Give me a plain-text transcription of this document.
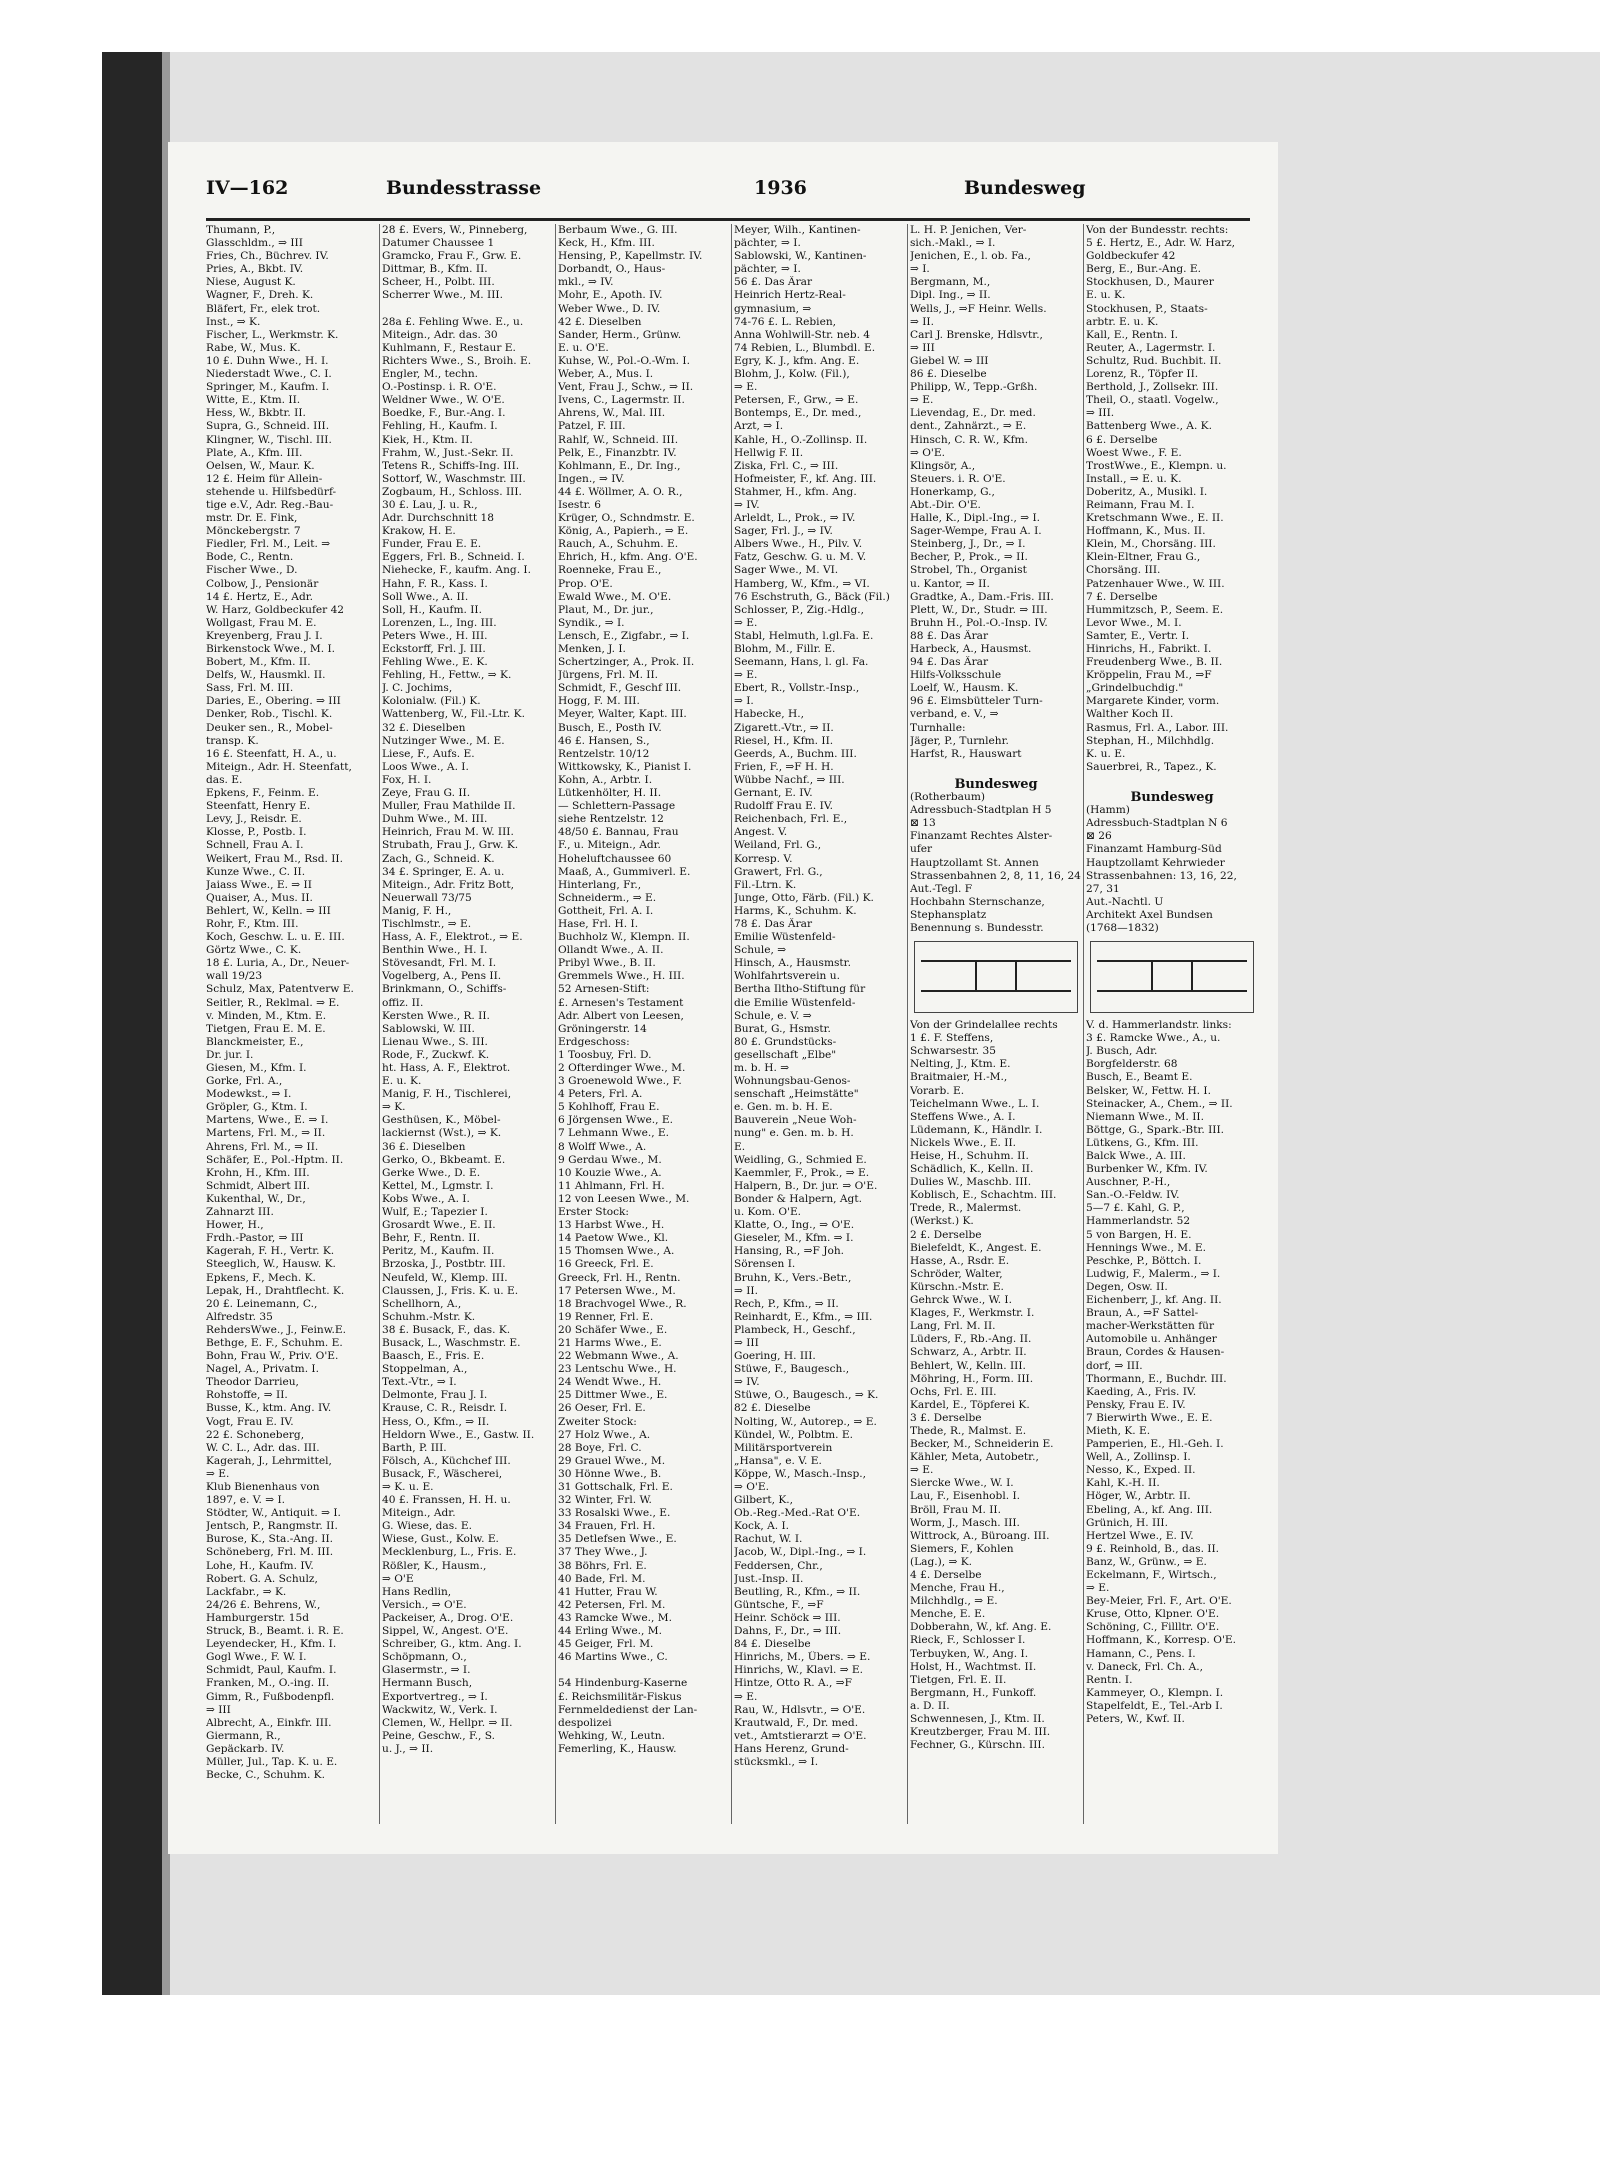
IV—162	Bundesstrasse	1936	Bundesweg
Thumann, P.,
Glasschldm., ⇒ III
Fries, Ch., Büchrev. IV.
Pries, A., Bkbt. IV.
Niese, August K.
Wagner, F., Dreh. K.
Bläfert, Fr., elek trot.
Inst., ⇒ K.
Fischer, L., Werkmstr. K.
Rabe, W., Mus. K.
10 £. Duhn Wwe., H. I.
Niederstadt Wwe., C. I.
Springer, M., Kaufm. I.
Witte, E., Ktm. II.
Hess, W., Bkbtr. II.
Supra, G., Schneid. III.
Klingner, W., Tischl. III.
Plate, A., Kfm. III.
Oelsen, W., Maur. K.
12 £. Heim für Allein-
stehende u. Hilfsbedürf-
tige e.V., Adr. Reg.-Bau-
mstr. Dr. E. Fink,
Mönckebergstr. 7
Fiedler, Frl. M., Leit. ⇒
Bode, C., Rentn.
Fischer Wwe., D.
Colbow, J., Pensionär
14 £. Hertz, E., Adr.
W. Harz, Goldbeckufer 42
Wollgast, Frau M. E.
Kreyenberg, Frau J. I.
Birkenstock Wwe., M. I.
Bobert, M., Kfm. II.
Delfs, W., Hausmkl. II.
Sass, Frl. M. III.
Daries, E., Obering. ⇒ III
Denker, Rob., Tischl. K.
Deuker sen., R., Mobel-
transp. K.
16 £. Steenfatt, H. A., u.
Miteign., Adr. H. Steenfatt,
das. E.
Epkens, F., Feinm. E.
Steenfatt, Henry E.
Levy, J., Reisdr. E.
Klosse, P., Postb. I.
Schnell, Frau A. I.
Weikert, Frau M., Rsd. II.
Kunze Wwe., C. II.
Jaiass Wwe., E. ⇒ II
Quaiser, A., Mus. II.
Behlert, W., Kelln. ⇒ III
Rohr, F., Ktm. III.
Koch, Geschw. L. u. E. III.
Görtz Wwe., C. K.
18 £. Luria, A., Dr., Neuer-
wall 19/23
Schulz, Max, Patentverw E.
Seitler, R., Reklmal. ⇒ E.
v. Minden, M., Ktm. E.
Tietgen, Frau E. M. E.
Blanckmeister, E.,
Dr. jur. I.
Giesen, M., Kfm. I.
Gorke, Frl. A.,
Modewkst., ⇒ I.
Gröpler, G., Ktm. I.
Martens, Wwe., E. ⇒ I.
Martens, Frl. M., ⇒ II.
Ahrens, Frl. M., ⇒ II.
Schäfer, E., Pol.-Hptm. II.
Krohn, H., Kfm. III.
Schmidt, Albert III.
Kukenthal, W., Dr.,
Zahnarzt III.
Hower, H.,
Frdh.-Pastor, ⇒ III
Kagerah, F. H., Vertr. K.
Steeglich, W., Hausw. K.
Epkens, F., Mech. K.
Lepak, H., Drahtflecht. K.
20 £. Leinemann, C.,
Alfredstr. 35
RehdersWwe., J., Feinw.E.
Bethge, E. F., Schuhm. E.
Bohn, Frau W., Priv. O'E.
Nagel, A., Privatm. I.
Theodor Darrieu,
Rohstoffe, ⇒ II.
Busse, K., ktm. Ang. IV.
Vogt, Frau E. IV.
22 £. Schoneberg,
W. C. L., Adr. das. III.
Kagerah, J., Lehrmittel,
⇒ E.
Klub Bienenhaus von
1897, e. V. ⇒ I.
Stödter, W., Antiquit. ⇒ I.
Jentsch, P., Rangmstr. II.
Burose, K., Sta.-Ang. II.
Schöneberg, Frl. M. III.
Lohe, H., Kaufm. IV.
Robert. G. A. Schulz,
Lackfabr., ⇒ K.
24/26 £. Behrens, W.,
Hamburgerstr. 15d
Struck, B., Beamt. i. R. E.
Leyendecker, H., Kfm. I.
Gogl Wwe., F. W. I.
Schmidt, Paul, Kaufm. I.
Franken, M., O.-ing. II.
Gimm, R., Fußbodenpfl.
⇒ III
Albrecht, A., Einkfr. III.
Giermann, R.,
Gepäckarb. IV.
Müller, Jul., Tap. K. u. E.
Becke, C., Schuhm. K.
28 £. Evers, W., Pinneberg,
Datumer Chaussee 1
Gramcko, Frau F., Grw. E.
Dittmar, B., Kfm. II.
Scheer, H., Polbt. III.
Scherrer Wwe., M. III.

28a £. Fehling Wwe. E., u.
Miteign., Adr. das. 30
Kuhlmann, F., Restaur E.
Richters Wwe., S., Broih. E.
Engler, M., techn.
O.-Postinsp. i. R. O'E.
Weldner Wwe., W. O'E.
Boedke, F., Bur.-Ang. I.
Fehling, H., Kaufm. I.
Kiek, H., Ktm. II.
Frahm, W., Just.-Sekr. II.
Tetens R., Schiffs-Ing. III.
Sottorf, W., Waschmstr. III.
Zogbaum, H., Schloss. III.
30 £. Lau, J. u. R.,
Adr. Durchschnitt 18
Krakow, H. E.
Funder, Frau E. E.
Eggers, Frl. B., Schneid. I.
Niehecke, F., kaufm. Ang. I.
Hahn, F. R., Kass. I.
Soll Wwe., A. II.
Soll, H., Kaufm. II.
Lorenzen, L., Ing. III.
Peters Wwe., H. III.
Eckstorff, Frl. J. III.
Fehling Wwe., E. K.
Fehling, H., Fettw., ⇒ K.
J. C. Jochims,
Kolonialw. (Fil.) K.
Wattenberg, W., Fil.-Ltr. K.
32 £. Dieselben
Nutzinger Wwe., M. E.
Liese, F., Aufs. E.
Loos Wwe., A. I.
Fox, H. I.
Zeye, Frau G. II.
Muller, Frau Mathilde II.
Duhm Wwe., M. III.
Heinrich, Frau M. W. III.
Strubath, Frau J., Grw. K.
Zach, G., Schneid. K.
34 £. Springer, E. A. u.
Miteign., Adr. Fritz Bott,
Neuerwall 73/75
Manig, F. H.,
Tischlmstr., ⇒ E.
Hass, A. F., Elektrot., ⇒ E.
Benthin Wwe., H. I.
Stövesandt, Frl. M. I.
Vogelberg, A., Pens II.
Brinkmann, O., Schiffs-
offiz. II.
Kersten Wwe., R. II.
Sablowski, W. III.
Lienau Wwe., S. III.
Rode, F., Zuckwf. K.
ht. Hass, A. F., Elektrot.
E. u. K.
Manig, F. H., Tischlerei,
⇒ K.
Gesthüsen, K., Möbel-
lackiernst (Wst.), ⇒ K.
36 £. Dieselben
Gerko, O., Bkbeamt. E.
Gerke Wwe., D. E.
Kettel, M., Lgmstr. I.
Kobs Wwe., A. I.
Wulf, E.; Tapezier I.
Grosardt Wwe., E. II.
Behr, F., Rentn. II.
Peritz, M., Kaufm. II.
Brzoska, J., Postbtr. III.
Neufeld, W., Klemp. III.
Claussen, J., Fris. K. u. E.
Schellhorn, A.,
Schuhm.-Mstr. K.
38 £. Busack, F., das. K.
Busack, L., Waschmstr. E.
Baasch, E., Fris. E.
Stoppelman, A.,
Text.-Vtr., ⇒ I.
Delmonte, Frau J. I.
Krause, C. R., Reisdr. I.
Hess, O., Kfm., ⇒ II.
Heldorn Wwe., E., Gastw. II.
Barth, P. III.
Fölsch, A., Küchchef III.
Busack, F., Wäscherei,
⇒ K. u. E.
40 £. Franssen, H. H. u.
Miteign., Adr.
G. Wiese, das. E.
Wiese, Gust., Kolw. E.
Mecklenburg, L., Fris. E.
Rößler, K., Hausm.,
⇒ O'E
Hans Redlin,
Versich., ⇒ O'E.
Packeiser, A., Drog. O'E.
Sippel, W., Angest. O'E.
Schreiber, G., ktm. Ang. I.
Schöpmann, O.,
Glasermstr., ⇒ I.
Hermann Busch,
Exportvertreg., ⇒ I.
Wackwitz, W., Verk. I.
Clemen, W., Hellpr. ⇒ II.
Peine, Geschw., F., S.
u. J., ⇒ II.
Berbaum Wwe., G. III.
Keck, H., Kfm. III.
Hensing, P., Kapellmstr. IV.
Dorbandt, O., Haus-
mkl., ⇒ IV.
Mohr, E., Apoth. IV.
Weber Wwe., D. IV.
42 £. Dieselben
Sander, Herm., Grünw.
E. u. O'E.
Kuhse, W., Pol.-O.-Wm. I.
Weber, A., Mus. I.
Vent, Frau J., Schw., ⇒ II.
Ivens, C., Lagermstr. II.
Ahrens, W., Mal. III.
Patzel, F. III.
Rahlf, W., Schneid. III.
Pelk, E., Finanzbtr. IV.
Kohlmann, E., Dr. Ing.,
Ingen., ⇒ IV.
44 £. Wöllmer, A. O. R.,
Isestr. 6
Krüger, O., Schndmstr. E.
König, A., Papierh., ⇒ E.
Rauch, A., Schuhm. E.
Ehrich, H., kfm. Ang. O'E.
Roenneke, Frau E.,
Prop. O'E.
Ewald Wwe., M. O'E.
Plaut, M., Dr. jur.,
Syndik., ⇒ I.
Lensch, E., Zigfabr., ⇒ I.
Menken, J. I.
Schertzinger, A., Prok. II.
Jürgens, Frl. M. II.
Schmidt, F., Geschf III.
Hogg, F. M. III.
Meyer, Walter, Kapt. III.
Busch, E., Posth IV.
46 £. Hansen, S.,
Rentzelstr. 10/12
Wittkowsky, K., Pianist I.
Kohn, A., Arbtr. I.
Lütkenhölter, H. II.
— Schlettern-Passage
siehe Rentzelstr. 12
48/50 £. Bannau, Frau
F., u. Miteign., Adr.
Hoheluftchaussee 60
Maaß, A., Gummiverl. E.
Hinterlang, Fr.,
Schneiderm., ⇒ E.
Gottheit, Frl. A. I.
Hase, Frl. H. I.
Buchholz W., Klempn. II.
Ollandt Wwe., A. II.
Pribyl Wwe., B. II.
Gremmels Wwe., H. III.
52 Arnesen-Stift:
£. Arnesen's Testament
Adr. Albert von Leesen,
Gröningerstr. 14
Erdgeschoss:
1 Toosbuy, Frl. D.
2 Ofterdinger Wwe., M.
3 Groenewold Wwe., F.
4 Peters, Frl. A.
5 Kohlhoff, Frau E.
6 Jörgensen Wwe., E.
7 Lehmann Wwe., E.
8 Wolff Wwe., A.
9 Gerdau Wwe., M.
10 Kouzie Wwe., A.
11 Ahlmann, Frl. H.
12 von Leesen Wwe., M.
Erster Stock:
13 Harbst Wwe., H.
14 Paetow Wwe., Kl.
15 Thomsen Wwe., A.
16 Greeck, Frl. E.
Greeck, Frl. H., Rentn.
17 Petersen Wwe., M.
18 Brachvogel Wwe., R.
19 Renner, Frl. E.
20 Schäfer Wwe., E.
21 Harms Wwe., E.
22 Webmann Wwe., A.
23 Lentschu Wwe., H.
24 Wendt Wwe., H.
25 Dittmer Wwe., E.
26 Oeser, Frl. E.
Zweiter Stock:
27 Holz Wwe., A.
28 Boye, Frl. C.
29 Grauel Wwe., M.
30 Hönne Wwe., B.
31 Gottschalk, Frl. E.
32 Winter, Frl. W.
33 Rosalski Wwe., E.
34 Frauen, Frl. H.
35 Detlefsen Wwe., E.
37 They Wwe., J.
38 Böhrs, Frl. E.
40 Bade, Frl. M.
41 Hutter, Frau W.
42 Petersen, Frl. M.
43 Ramcke Wwe., M.
44 Erling Wwe., M.
45 Geiger, Frl. M.
46 Martins Wwe., C.

54 Hindenburg-Kaserne
£. Reichsmilitär-Fiskus
Fernmeldedienst der Lan-
despolizei
Wehking, W., Leutn.
Femerling, K., Hausw.
Meyer, Wilh., Kantinen-
pächter, ⇒ I.
Sablowski, W., Kantinen-
pächter, ⇒ I.
56 £. Das Ärar
Heinrich Hertz-Real-
gymnasium, ⇒
74-76 £. L. Rebien,
Anna Wohlwill-Str. neb. 4
74 Rebien, L., Blumbdl. E.
Egry, K. J., kfm. Ang. E.
Blohm, J., Kolw. (Fil.),
⇒ E.
Petersen, F., Grw., ⇒ E.
Bontemps, E., Dr. med.,
Arzt, ⇒ I.
Kahle, H., O.-Zollinsp. II.
Hellwig F. II.
Ziska, Frl. C., ⇒ III.
Hofmeister, F., kf. Ang. III.
Stahmer, H., kfm. Ang.
⇒ IV.
Arleldt, L., Prok., ⇒ IV.
Sager, Frl. J., ⇒ IV.
Albers Wwe., H., Pilv. V.
Fatz, Geschw. G. u. M. V.
Sager Wwe., M. VI.
Hamberg, W., Kfm., ⇒ VI.
76 Eschstruth, G., Bäck (Fil.)
Schlosser, P., Zig.-Hdlg.,
⇒ E.
Stabl, Helmuth, l.gl.Fa. E.
Blohm, M., Fillr. E.
Seemann, Hans, l. gl. Fa.
⇒ E.
Ebert, R., Vollstr.-Insp.,
⇒ I.
Habecke, H.,
Zigarett.-Vtr., ⇒ II.
Riesel, H., Kfm. II.
Geerds, A., Buchm. III.
Frien, F., ⇒F H. H.
Wübbe Nachf., ⇒ III.
Gernant, E. IV.
Rudolff Frau E. IV.
Reichenbach, Frl. E.,
Angest. V.
Weiland, Frl. G.,
Korresp. V.
Grawert, Frl. G.,
Fil.-Ltrn. K.
Junge, Otto, Färb. (Fil.) K.
Harms, K., Schuhm. K.
78 £. Das Ärar
Emilie Wüstenfeld-
Schule, ⇒
Hinsch, A., Hausmstr.
Wohlfahrtsverein u.
Bertha Iltho-Stiftung für
die Emilie Wüstenfeld-
Schule, e. V. ⇒
Burat, G., Hsmstr.
80 £. Grundstücks-
gesellschaft „Elbe"
m. b. H. ⇒
Wohnungsbau-Genos-
senschaft „Heimstätte"
e. Gen. m. b. H. E.
Bauverein „Neue Woh-
nung" e. Gen. m. b. H.
E.
Weidling, G., Schmied E.
Kaemmler, F., Prok., ⇒ E.
Halpern, B., Dr. jur. ⇒ O'E.
Bonder & Halpern, Agt.
u. Kom. O'E.
Klatte, O., Ing., ⇒ O'E.
Gieseler, M., Kfm. ⇒ I.
Hansing, R., ⇒F Joh.
Sörensen I.
Bruhn, K., Vers.-Betr.,
⇒ II.
Rech, P., Kfm., ⇒ II.
Reinhardt, E., Kfm., ⇒ III.
Plambeck, H., Geschf.,
⇒ III
Goering, H. III.
Stüwe, F., Baugesch.,
⇒ IV.
Stüwe, O., Baugesch., ⇒ K.
82 £. Dieselbe
Nolting, W., Autorep., ⇒ E.
Kündel, W., Polbtm. E.
Militärsportverein
„Hansa", e. V. E.
Köppe, W., Masch.-Insp.,
⇒ O'E.
Gilbert, K.,
Ob.-Reg.-Med.-Rat O'E.
Kock, A. I.
Rachut, W. I.
Jacob, W., Dipl.-Ing., ⇒ I.
Feddersen, Chr.,
Just.-Insp. II.
Beutling, R., Kfm., ⇒ II.
Güntsche, F., ⇒F
Heinr. Schöck ⇒ III.
Dahns, F., Dr., ⇒ III.
84 £. Dieselbe
Hinrichs, M., Übers. ⇒ E.
Hinrichs, W., Klavl. ⇒ E.
Hintze, Otto R. A., ⇒F
⇒ E.
Rau, W., Hdlsvtr., ⇒ O'E.
Krautwald, F., Dr. med.
vet., Amtstierarzt ⇒ O'E.
Hans Herenz, Grund-
stücksmkl., ⇒ I.
L. H. P. Jenichen, Ver-
sich.-Makl., ⇒ I.
Jenichen, E., l. ob. Fa.,
⇒ I.
Bergmann, M.,
Dipl. Ing., ⇒ II.
Wells, J., ⇒F Heinr. Wells.
⇒ II.
Carl J. Brenske, Hdlsvtr.,
⇒ III
Giebel W. ⇒ III
86 £. Dieselbe
Philipp, W., Tepp.-Grßh.
⇒ E.
Lievendag, E., Dr. med.
dent., Zahnärzt., ⇒ E.
Hinsch, C. R. W., Kfm.
⇒ O'E.
Klingsör, A.,
Steuers. i. R. O'E.
Honerkamp, G.,
Abt.-Dir. O'E.
Halle, K., Dipl.-Ing., ⇒ I.
Sager-Wempe, Frau A. I.
Steinberg, J., Dr., ⇒ I.
Becher, P., Prok., ⇒ II.
Strobel, Th., Organist
u. Kantor, ⇒ II.
Gradtke, A., Dam.-Fris. III.
Plett, W., Dr., Studr. ⇒ III.
Bruhn H., Pol.-O.-Insp. IV.
88 £. Das Ärar
Harbeck, A., Hausmst.
94 £. Das Ärar
Hilfs-Volksschule
Loelf, W., Hausm. K.
96 £. Eimsbütteler Turn-
verband, e. V., ⇒
Turnhalle:
Jäger, P., Turnlehr.
Harfst, R., Hauswart

Bundesweg
(Rotherbaum)
Adressbuch-Stadtplan H 5
⊠ 13
Finanzamt Rechtes Alster-
ufer
Hauptzollamt St. Annen
Strassenbahnen 2, 8, 11, 16, 24
Aut.-Tegl. F
Hochbahn Sternschanze,
Stephansplatz
Benennung s. Bundesstr.
Von der Grindelallee rechts
1 £. F. Steffens,
Schwarsestr. 35
Nelting, J., Ktm. E.
Braitmaier, H.-M.,
Vorarb. E.
Teichelmann Wwe., L. I.
Steffens Wwe., A. I.
Lüdemann, K., Händlr. I.
Nickels Wwe., E. II.
Heise, H., Schuhm. II.
Schädlich, K., Kelln. II.
Dulies W., Maschb. III.
Koblisch, E., Schachtm. III.
Trede, R., Malermst.
(Werkst.) K.
2 £. Derselbe
Bielefeldt, K., Angest. E.
Hasse, A., Rsdr. E.
Schröder, Walter,
Kürschn.-Mstr. E.
Gehrck Wwe., W. I.
Klages, F., Werkmstr. I.
Lang, Frl. M. II.
Lüders, F., Rb.-Ang. II.
Schwarz, A., Arbtr. II.
Behlert, W., Kelln. III.
Möhring, H., Form. III.
Ochs, Frl. E. III.
Kardel, E., Töpferei K.
3 £. Derselbe
Thede, R., Malmst. E.
Becker, M., Schneiderin E.
Kähler, Meta, Autobetr.,
⇒ E.
Siercke Wwe., W. I.
Lau, F., Eisenhobl. I.
Bröll, Frau M. II.
Worm, J., Masch. III.
Wittrock, A., Büroang. III.
Siemers, F., Kohlen
(Lag.), ⇒ K.
4 £. Derselbe
Menche, Frau H.,
Milchhdlg., ⇒ E.
Menche, E. E.
Dobberahn, W., kf. Ang. E.
Rieck, F., Schlosser I.
Terbuyken, W., Ang. I.
Holst, H., Wachtmst. II.
Tietgen, Frl. E. II.
Bergmann, H., Funkoff.
a. D. II.
Schwennesen, J., Ktm. II.
Kreutzberger, Frau M. III.
Fechner, G., Kürschn. III.
Von der Bundesstr. rechts:
5 £. Hertz, E., Adr. W. Harz,
Goldbeckufer 42
Berg, E., Bur.-Ang. E.
Stockhusen, D., Maurer
E. u. K.
Stockhusen, P., Staats-
arbtr. E. u. K.
Kall, E., Rentn. I.
Reuter, A., Lagermstr. I.
Schultz, Rud. Buchbit. II.
Lorenz, R., Töpfer II.
Berthold, J., Zollsekr. III.
Theil, O., staatl. Vogelw.,
⇒ III.
Battenberg Wwe., A. K.
6 £. Derselbe
Woest Wwe., F. E.
TrostWwe., E., Klempn. u.
Install., ⇒ E. u. K.
Doberitz, A., Musikl. I.
Reimann, Frau M. I.
Kretschmann Wwe., E. II.
Hoffmann, K., Mus. II.
Klein, M., Chorsäng. III.
Klein-Eltner, Frau G.,
Chorsäng. III.
Patzenhauer Wwe., W. III.
7 £. Derselbe
Hummitzsch, P., Seem. E.
Levor Wwe., M. I.
Samter, E., Vertr. I.
Hinrichs, H., Fabrikt. I.
Freudenberg Wwe., B. II.
Kröppelin, Frau M., ⇒F
„Grindelbuchdig."
Margarete Kinder, vorm.
Walther Koch II.
Rasmus, Frl. A., Labor. III.
Stephan, H., Milchhdlg.
K. u. E.
Sauerbrei, R., Tapez., K.

Bundesweg
(Hamm)
Adressbuch-Stadtplan N 6
⊠ 26
Finanzamt Hamburg-Süd
Hauptzollamt Kehrwieder
Strassenbahnen: 13, 16, 22,
27, 31
Aut.-Nachtl. U
Architekt Axel Bundsen
(1768—1832)
V. d. Hammerlandstr. links:
3 £. Ramcke Wwe., A., u.
J. Busch, Adr.
Borgfelderstr. 68
Busch, E., Beamt E.
Belsker, W., Fettw. H. I.
Steinacker, A., Chem., ⇒ II.
Niemann Wwe., M. II.
Böttge, G., Spark.-Btr. III.
Lütkens, G., Kfm. III.
Balck Wwe., A. III.
Burbenker W., Kfm. IV.
Auschner, P.-H.,
San.-O.-Feldw. IV.
5—7 £. Kahl, G. P.,
Hammerlandstr. 52
5 von Bargen, H. E.
Hennings Wwe., M. E.
Peschke, P., Böttch. I.
Ludwig, F., Malerm., ⇒ I.
Degen, Osw. II.
Eichenberr, J., kf. Ang. II.
Braun, A., ⇒F Sattel-
macher-Werkstätten für
Automobile u. Anhänger
Braun, Cordes & Hausen-
dorf, ⇒ III.
Thormann, E., Buchdr. III.
Kaeding, A., Fris. IV.
Pensky, Frau E. IV.
7 Bierwirth Wwe., E. E.
Mieth, K. E.
Pamperien, E., Hl.-Geh. I.
Well, A., Zollinsp. I.
Nesso, K., Exped. II.
Kahl, K.-H. II.
Höger, W., Arbtr. II.
Ebeling, A., kf. Ang. III.
Grünich, H. III.
Hertzel Wwe., E. IV.
9 £. Reinhold, B., das. II.
Banz, W., Grünw., ⇒ E.
Eckelmann, F., Wirtsch.,
⇒ E.
Bey-Meier, Frl. F., Art. O'E.
Kruse, Otto, Klpner. O'E.
Schöning, C., Fillltr. O'E.
Hoffmann, K., Korresp. O'E.
Hamann, C., Pens. I.
v. Daneck, Frl. Ch. A.,
Rentn. I.
Kammeyer, O., Klempn. I.
Stapelfeldt, E., Tel.-Arb I.
Peters, W., Kwf. II.
